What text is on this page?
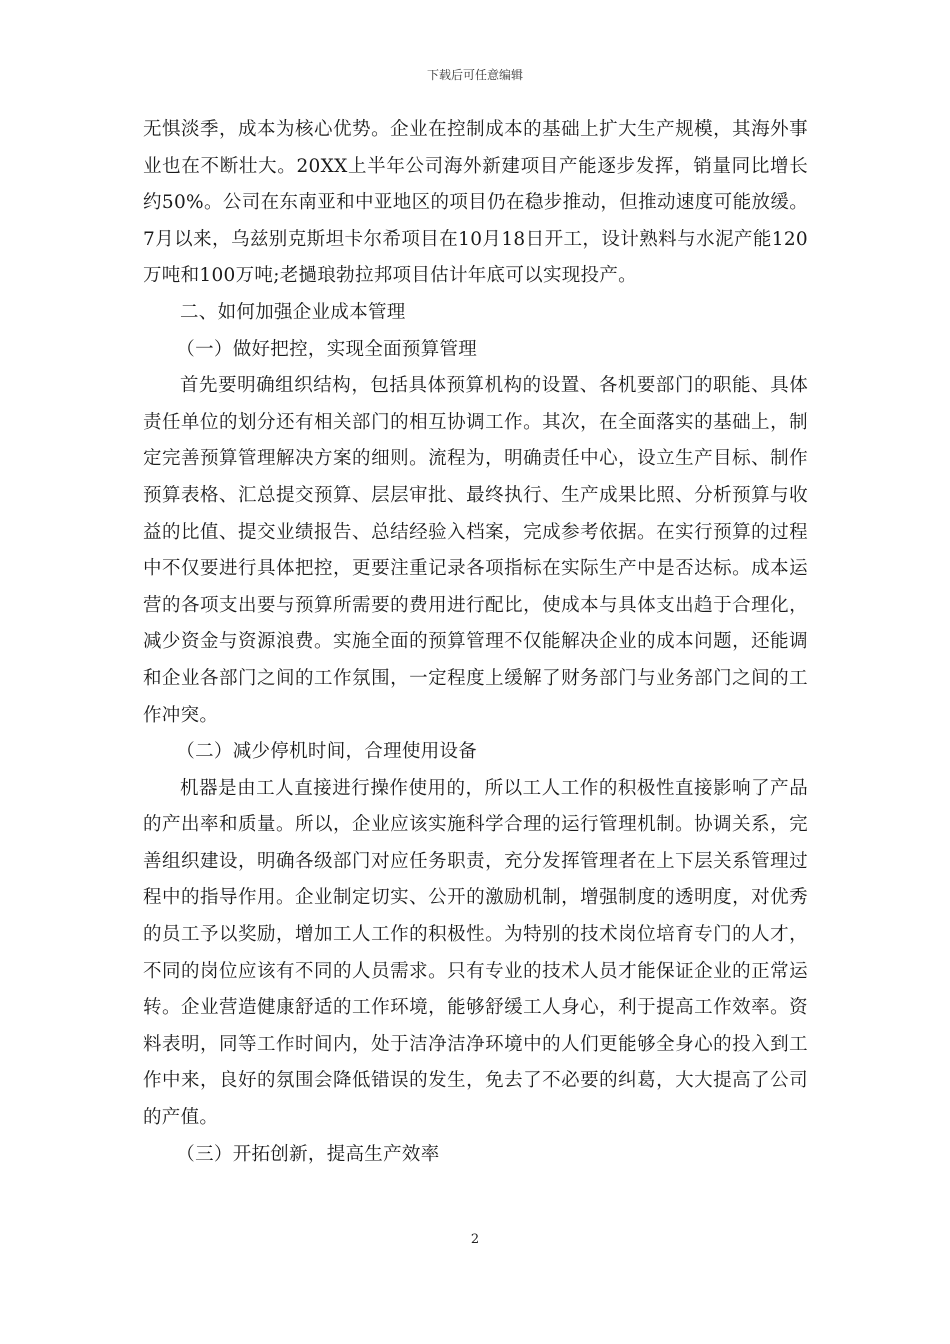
下载后可任意编辑

无惧淡季，成本为核心优势。企业在控制成本的基础上扩大生产规模，其海外事业也在不断壮大。20XX上半年公司海外新建项目产能逐步发挥，销量同比增长约50%。公司在东南亚和中亚地区的项目仍在稳步推动，但推动速度可能放缓。7月以来，乌兹别克斯坦卡尔希项目在10月18日开工，设计熟料与水泥产能120万吨和100万吨;老撾琅勃拉邦项目估计年底可以实现投产。

二、如何加强企业成本管理

（一）做好把控，实现全面预算管理

首先要明确组织结构，包括具体预算机构的设置、各机要部门的职能、具体责任单位的划分还有相关部门的相互协调工作。其次，在全面落实的基础上，制定完善预算管理解决方案的细则。流程为，明确责任中心，设立生产目标、制作预算表格、汇总提交预算、层层审批、最终执行、生产成果比照、分析预算与收益的比值、提交业绩报告、总结经验入档案，完成参考依据。在实行预算的过程中不仅要进行具体把控，更要注重记录各项指标在实际生产中是否达标。成本运营的各项支出要与预算所需要的费用进行配比，使成本与具体支出趋于合理化，减少资金与资源浪费。实施全面的预算管理不仅能解决企业的成本问题，还能调和企业各部门之间的工作氛围，一定程度上缓解了财务部门与业务部门之间的工作冲突。

（二）减少停机时间，合理使用设备

机器是由工人直接进行操作使用的，所以工人工作的积极性直接影响了产品的产出率和质量。所以，企业应该实施科学合理的运行管理机制。协调关系，完善组织建设，明确各级部门对应任务职责，充分发挥管理者在上下层关系管理过程中的指导作用。企业制定切实、公开的激励机制，增强制度的透明度，对优秀的员工予以奖励，增加工人工作的积极性。为特别的技术岗位培育专门的人才，不同的岗位应该有不同的人员需求。只有专业的技术人员才能保证企业的正常运转。企业营造健康舒适的工作环境，能够舒缓工人身心，利于提高工作效率。资料表明，同等工作时间内，处于洁净洁净环境中的人们更能够全身心的投入到工作中来，良好的氛围会降低错误的发生，免去了不必要的纠葛，大大提高了公司的产值。

（三）开拓创新，提高生产效率

2
